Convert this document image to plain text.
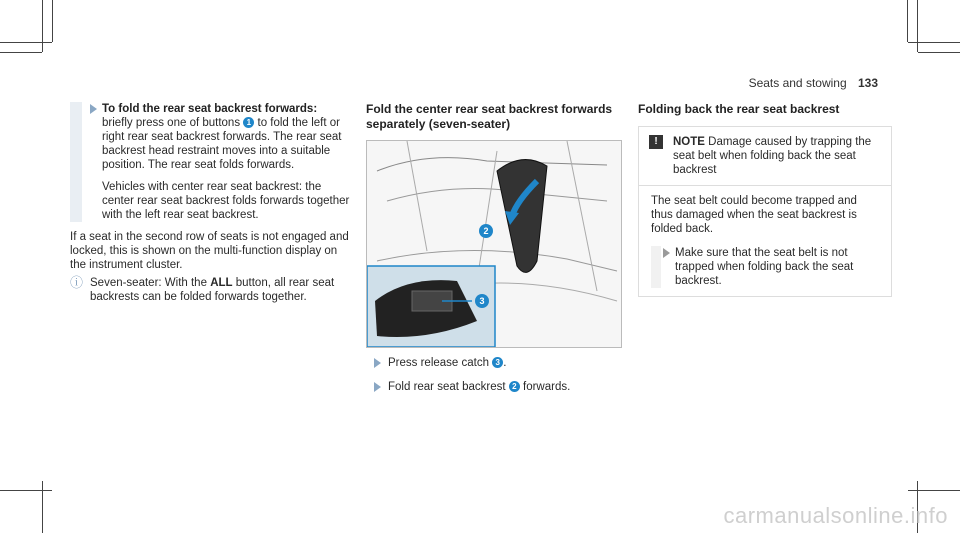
Seats and stowing 133

To fold the rear seat backrest forwards:

briefly press one of buttons 1 to fold the left or right rear seat backrest forwards. The rear seat backrest head restraint moves into a suitable position. The rear seat folds forwards.

Vehicles with center rear seat backrest: the center rear seat backrest folds forwards together with the left rear seat backrest.

If a seat in the second row of seats is not engaged and locked, this is shown on the multi-function display on the instrument cluster.

ⓘ Seven-seater: With the ALL button, all rear seat backrests can be folded forwards together.

Fold the center rear seat backrest forwards separately (seven-seater)

2
3
Press release catch 3 .
Fold rear seat backrest 2 forwards.

Folding back the rear seat backrest

!	NOTE Damage caused by trapping the seat belt when folding back the seat backrest

The seat belt could become trapped and thus damaged when the seat backrest is folded back.

Make sure that the seat belt is not trapped when folding back the seat backrest.

carmanualsonline.info
